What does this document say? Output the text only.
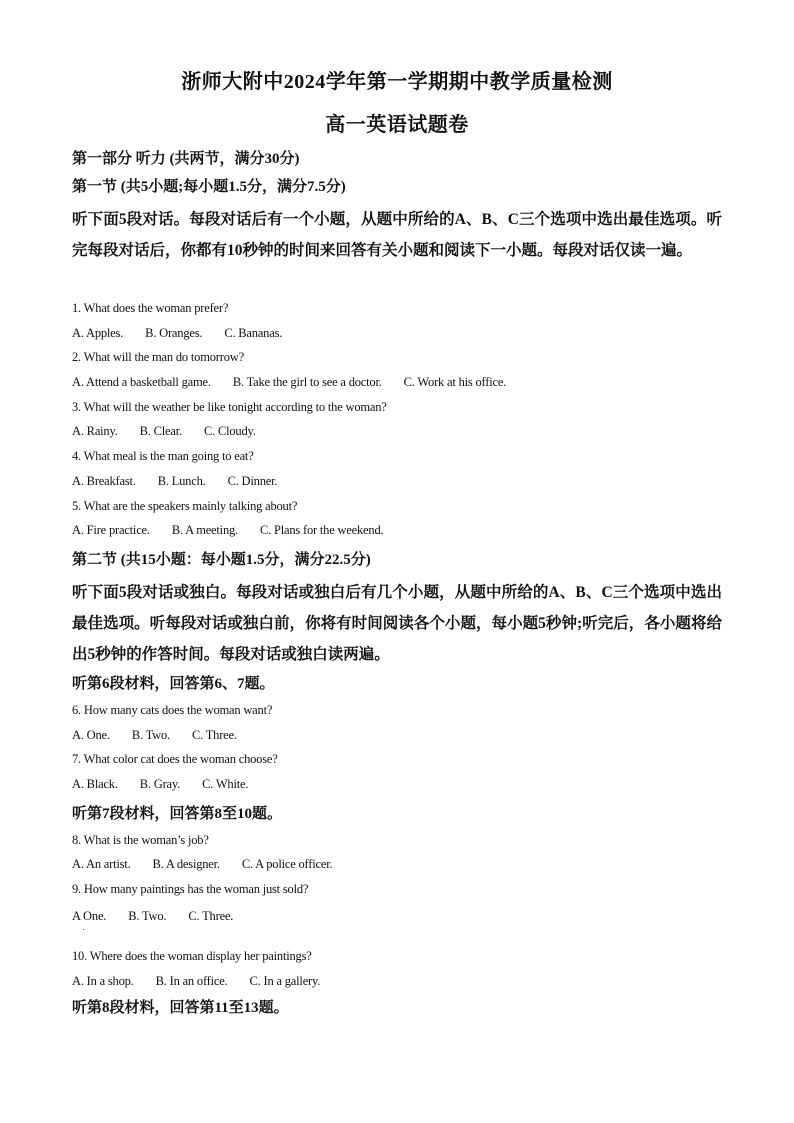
浙师大附中2024学年第一学期期中教学质量检测
高一英语试题卷
第一部分 听力 (共两节，满分30分)
第一节 (共5小题;每小题1.5分，满分7.5分)
听下面5段对话。每段对话后有一个小题，从题中所给的A、B、C三个选项中选出最佳选项。听完每段对话后，你都有10秒钟的时间来回答有关小题和阅读下一小题。每段对话仅读一遍。
1. What does the woman prefer?
A. Apples. B. Oranges. C. Bananas.
2. What will the man do tomorrow?
A. Attend a basketball game. B. Take the girl to see a doctor. C. Work at his office.
3. What will the weather be like tonight according to the woman?
A. Rainy. B. Clear. C. Cloudy.
4. What meal is the man going to eat?
A. Breakfast. B. Lunch. C. Dinner.
5. What are the speakers mainly talking about?
A. Fire practice. B. A meeting. C. Plans for the weekend.
第二节 (共15小题：每小题1.5分，满分22.5分)
听下面5段对话或独白。每段对话或独白后有几个小题，从题中所给的A、B、C三个选项中选出最佳选项。听每段对话或独白前，你将有时间阅读各个小题，每小题5秒钟;听完后，各小题将给出5秒钟的作答时间。每段对话或独白读两遍。
听第6段材料，回答第6、7题。
6. How many cats does the woman want?
A. One. B. Two. C. Three.
7. What color cat does the woman choose?
A. Black. B. Gray. C. White.
听第7段材料，回答第8至10题。
8. What is the woman’s job?
A. An artist. B. A designer. C. A police officer.
9. How many paintings has the woman just sold?
A One. B. Two. C. Three.
·
10. Where does the woman display her paintings?
A. In a shop. B. In an office. C. In a gallery.
听第8段材料，回答第11至13题。
